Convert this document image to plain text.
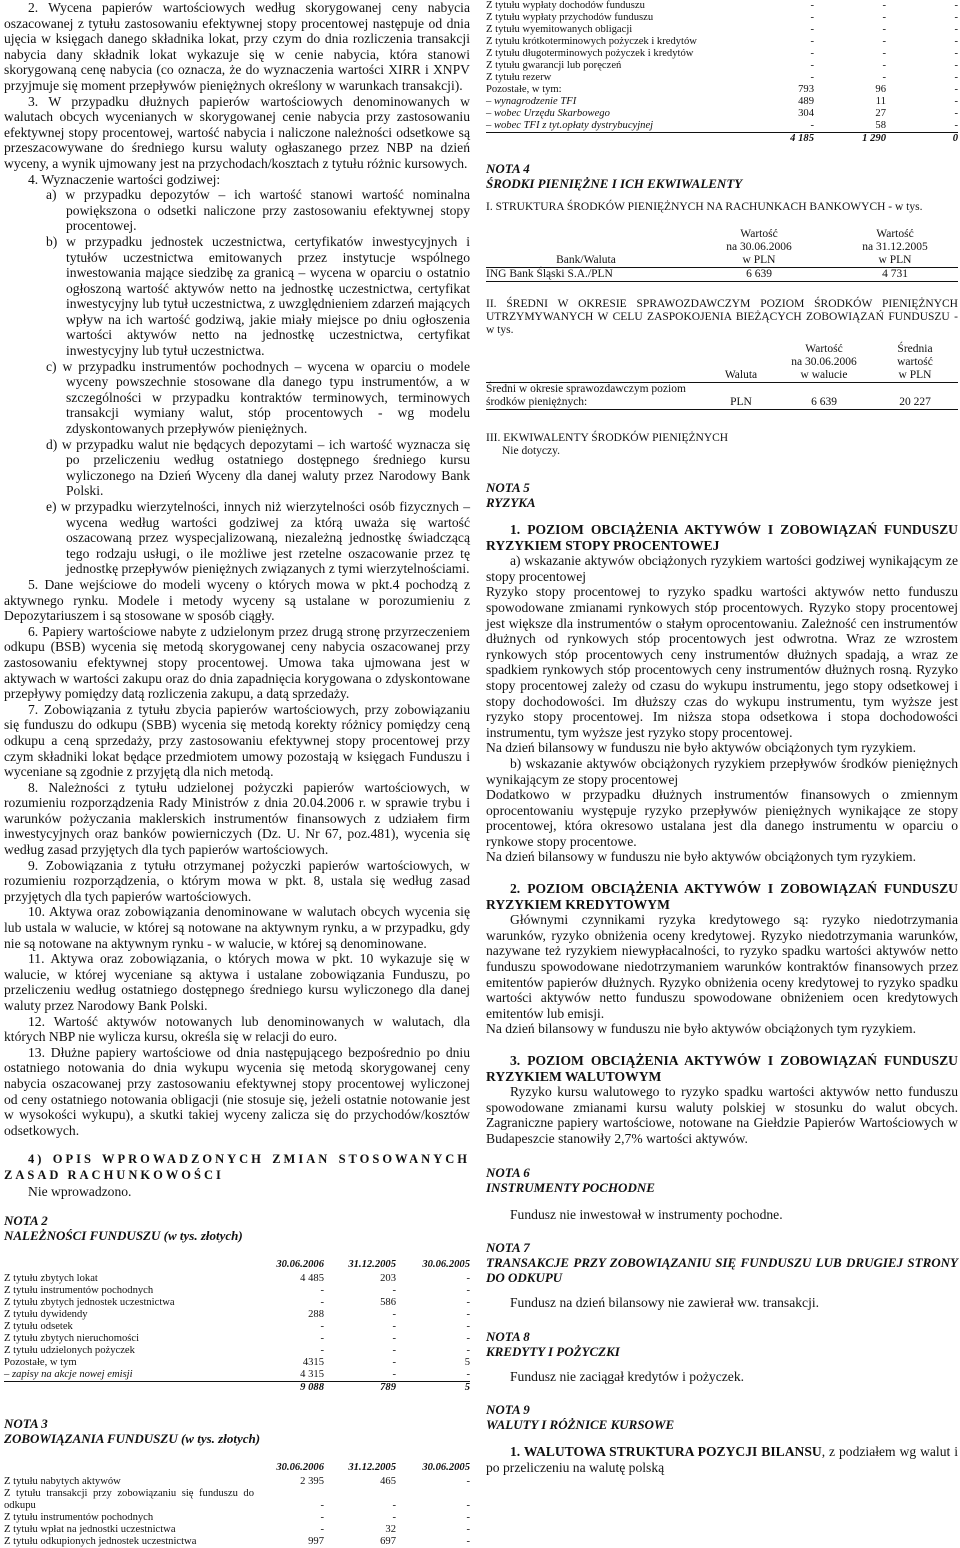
2. Wycena papierów wartościowych według skorygowanej ceny nabycia oszacowanej z tytułu zastosowaniu efektywnej stopy procentowej następuje od dnia ujęcia w księgach danego składnika lokat, przy czym do dnia rozliczenia transakcji nabycia dany składnik lokat wykazuje się w cenie nabycia, która stanowi skorygowaną cenę nabycia (co oznacza, że do wyznaczenia wartości XIRR i XNPV przyjmuje się moment przepływów pieniężnych określony w warunkach transakcji).

3. W przypadku dłużnych papierów wartościowych denominowanych w walutach obcych wycenianych w skorygowanej cenie nabycia przy zastosowaniu efektywnej stopy procentowej, wartość nabycia i naliczone należności odsetkowe są przeszacowywane do średniego kursu waluty ogłaszanego przez NBP na dzień wyceny, a wynik ujmowany jest na przychodach/kosztach z tytułu różnic kursowych.

4. Wyznaczenie wartości godziwej:

a) w przypadku depozytów – ich wartość stanowi wartość nominalna powiększona o odsetki naliczone przy zastosowaniu efektywnej stopy procentowej.

b) w przypadku jednostek uczestnictwa, certyfikatów inwestycyjnych i tytułów uczestnictwa emitowanych przez instytucje wspólnego inwestowania mające siedzibę za granicą – wycena w oparciu o ostatnio ogłoszoną wartość aktywów netto na jednostkę uczestnictwa, certyfikat inwestycyjny lub tytuł uczestnictwa, z uwzględnieniem zdarzeń mających wpływ na ich wartość godziwą, jakie miały miejsce po dniu ogłoszenia wartości aktywów netto na jednostkę uczestnictwa, certyfikat inwestycyjny lub tytuł uczestnictwa.

c) w przypadku instrumentów pochodnych – wycena w oparciu o modele wyceny powszechnie stosowane dla danego typu instrumentów, a w szczególności w przypadku kontraktów terminowych, terminowych transakcji wymiany walut, stóp procentowych - wg modelu zdyskontowanych przepływów pieniężnych.

d) w przypadku walut nie będących depozytami – ich wartość wyznacza się po przeliczeniu według ostatniego dostępnego średniego kursu wyliczonego na Dzień Wyceny dla danej waluty przez Narodowy Bank Polski.

e) w przypadku wierzytelności, innych niż wierzytelności osób fizycznych – wycena według wartości godziwej za którą uważa się wartość oszacowaną przez wyspecjalizowaną, niezależną jednostkę świadczącą tego rodzaju usługi, o ile możliwe jest rzetelne oszacowanie przez tę jednostkę przepływów pieniężnych związanych z tymi wierzytelnościami.

5. Dane wejściowe do modeli wyceny o których mowa w pkt.4 pochodzą z aktywnego rynku. Modele i metody wyceny są ustalane w porozumieniu z Depozytariuszem i są stosowane w sposób ciągły.

6. Papiery wartościowe nabyte z udzielonym przez drugą stronę przyrzeczeniem odkupu (BSB) wycenia się metodą skorygowanej ceny nabycia oszacowanej przy zastosowaniu efektywnej stopy procentowej. Umowa taka ujmowana jest w aktywach w wartości zakupu oraz do dnia zapadnięcia korygowana o zdyskontowane przepływy pomiędzy datą rozliczenia zakupu, a datą sprzedaży.

7. Zobowiązania z tytułu zbycia papierów wartościowych, przy zobowiązaniu się funduszu do odkupu (SBB) wycenia się metodą korekty różnicy pomiędzy ceną odkupu a ceną sprzedaży, przy zastosowaniu efektywnej stopy procentowej przy czym składniki lokat będące przedmiotem umowy pozostają w księgach Funduszu i wyceniane są zgodnie z przyjętą dla nich metodą.

8. Należności z tytułu udzielonej pożyczki papierów wartościowych, w rozumieniu rozporządzenia Rady Ministrów z dnia 20.04.2006 r. w sprawie trybu i warunków pożyczania maklerskich instrumentów finansowych z udziałem firm inwestycyjnych oraz banków powierniczych (Dz. U. Nr 67, poz.481), wycenia się według zasad przyjętych dla tych papierów wartościowych.

9. Zobowiązania z tytułu otrzymanej pożyczki papierów wartościowych, w rozumieniu rozporządzenia, o którym mowa w pkt. 8, ustala się według zasad przyjętych dla tych papierów wartościowych.

10. Aktywa oraz zobowiązania denominowane w walutach obcych wycenia się lub ustala w walucie, w której są notowane na aktywnym rynku, a w przypadku, gdy nie są notowane na aktywnym rynku - w walucie, w której są denominowane.

11. Aktywa oraz zobowiązania, o których mowa w pkt. 10 wykazuje się w walucie, w której wyceniane są aktywa i ustalane zobowiązania Funduszu, po przeliczeniu według ostatniego dostępnego średniego kursu wyliczonego dla danej waluty przez Narodowy Bank Polski.

12. Wartość aktywów notowanych lub denominowanych w walutach, dla których NBP nie wylicza kursu, określa się w relacji do euro.

13. Dłużne papiery wartościowe od dnia następującego bezpośrednio po dniu ostatniego notowania do dnia wykupu wycenia się metodą skorygowanej ceny nabycia oszacowanej przy zastosowaniu efektywnej stopy procentowej wyliczonej od ceny ostatniego notowania obligacji (nie stosuje się, jeżeli ostatnie notowanie jest w wysokości wykupu), a skutki takiej wyceny zalicza się do przychodów/kosztów odsetkowych.

4) OPIS WPROWADZONYCH ZMIAN STOSOWANYCH ZASAD RACHUNKOWOŚCI

Nie wprowadzono.

NOTA 2
NALEŻNOŚCI FUNDUSZU (w tys. złotych)
	30.06.2006	31.12.2005	30.06.2005
Z tytułu zbytych lokat	4 485	203	-
Z tytułu instrumentów pochodnych	-	-	-
Z tytułu zbytych jednostek uczestnictwa	-	586	-
Z tytułu dywidendy	288	-	-
Z tytułu odsetek	-	-	-
Z tytułu zbytych nieruchomości	-	-	-
Z tytułu udzielonych pożyczek	-	-	-
Pozostałe, w tym	4315	-	5
– zapisy na akcje nowej emisji	4 315	-	-
	9 088	789	5
NOTA 3
ZOBOWIĄZANIA FUNDUSZU (w tys. złotych)
	30.06.2006	31.12.2005	30.06.2005
Z tytułu nabytych aktywów	2 395	465	-
Z tytułu transakcji przy zobowiązaniu się funduszu do odkupu	-	-	-
Z tytułu instrumentów pochodnych	-	-	-
Z tytułu wpłat na jednostki uczestnictwa	-	32	-
Z tytułu odkupionych jednostek uczestnictwa	997	697	-
Z tytułu wypłaty dochodów funduszu	-	-	-
Z tytułu wypłaty przychodów funduszu	-	-	-
Z tytułu wyemitowanych obligacji	-	-	-
Z tytułu krótkoterminowych pożyczek i kredytów	-	-	-
Z tytułu długoterminowych pożyczek i kredytów	-	-	-
Z tytułu gwarancji lub poręczeń	-	-	-
Z tytułu rezerw	-	-	-
Pozostałe, w tym:	793	96	-
– wynagrodzenie TFI	489	11	-
– wobec Urzędu Skarbowego	304	27	-
– wobec TFI z tyt.opłaty dystrybucyjnej	-	58	-
	4 185	1 290	0
NOTA 4
ŚRODKI PIENIĘŻNE I ICH EKWIWALENTY

I. STRUKTURA ŚRODKÓW PIENIĘŻNYCH NA RACHUNKACH BANKOWYCH - w tys.

	Wartość	Wartość
	na 30.06.2006	na 31.12.2005
Bank/Waluta	w PLN	w PLN
ING Bank Śląski S.A./PLN	6 639	4 731

II. ŚREDNI W OKRESIE SPRAWOZDAWCZYM POZIOM ŚRODKÓW PIENIĘŻNYCH UTRZYMYWANYCH W CELU ZASPOKOJENIA BIEŻĄCYCH ZOBOWIĄZAŃ FUNDUSZU - w tys.

		Wartość	Średnia
		na 30.06.2006	wartość
	Waluta	w walucie	w PLN
Średni w okresie sprawozdawczym poziom			
środków pieniężnych:	PLN	6 639	20 227

III. EKWIWALENTY ŚRODKÓW PIENIĘŻNYCH

Nie dotyczy.

NOTA 5
RYZYKA

1. POZIOM OBCIĄŻENIA AKTYWÓW I ZOBOWIĄZAŃ FUNDUSZU RYZYKIEM STOPY PROCENTOWEJ

a) wskazanie aktywów obciążonych ryzykiem wartości godziwej wynikającym ze stopy procentowej

Ryzyko stopy procentowej to ryzyko spadku wartości aktywów netto funduszu spowodowane zmianami rynkowych stóp procentowych. Ryzyko stopy procentowej jest większe dla instrumentów o stałym oprocentowaniu. Zależność cen instrumentów dłużnych od rynkowych stóp procentowych jest odwrotna. Wraz ze wzrostem rynkowych stóp procentowych ceny instrumentów dłużnych spadają, a wraz ze spadkiem rynkowych stóp procentowych ceny instrumentów dłużnych rosną. Ryzyko stopy procentowej zależy od czasu do wykupu instrumentu, jego stopy odsetkowej i stopy dochodowości. Im dłuższy czas do wykupu instrumentu, tym wyższe jest ryzyko stopy procentowej. Im niższa stopa odsetkowa i stopa dochodowości instrumentu, tym wyższe jest ryzyko stopy procentowej.

Na dzień bilansowy w funduszu nie było aktywów obciążonych tym ryzykiem.

b) wskazanie aktywów obciążonych ryzykiem przepływów środków pieniężnych wynikającym ze stopy procentowej

Dodatkowo w przypadku dłużnych instrumentów finansowych o zmiennym oprocentowaniu występuje ryzyko przepływów pieniężnych wynikające ze stopy procentowej, która okresowo ustalana jest dla danego instrumentu w oparciu o rynkowe stopy procentowe.

Na dzień bilansowy w funduszu nie było aktywów obciążonych tym ryzykiem.

2. POZIOM OBCIĄŻENIA AKTYWÓW I ZOBOWIĄZAŃ FUNDUSZU RYZYKIEM KREDYTOWYM

Głównymi czynnikami ryzyka kredytowego są: ryzyko niedotrzymania warunków, ryzyko obniżenia oceny kredytowej. Ryzyko niedotrzymania warunków, nazywane też ryzykiem niewypłacalności, to ryzyko spadku wartości aktywów netto funduszu spowodowane niedotrzymaniem warunków kontraktów finansowych przez emitentów papierów dłużnych. Ryzyko obniżenia oceny kredytowej to ryzyko spadku wartości aktywów netto funduszu spowodowane obniżeniem ocen kredytowych emitentów lub emisji.

Na dzień bilansowy w funduszu nie było aktywów obciążonych tym ryzykiem.

3. POZIOM OBCIĄŻENIA AKTYWÓW I ZOBOWIĄZAŃ FUNDUSZU RYZYKIEM WALUTOWYM

Ryzyko kursu walutowego to ryzyko spadku wartości aktywów netto funduszu spowodowane zmianami kursu waluty polskiej w stosunku do walut obcych. Zagraniczne papiery wartościowe, notowane na Giełdzie Papierów Wartościowych w Budapeszcie stanowiły 2,7% wartości aktywów.

NOTA 6
INSTRUMENTY POCHODNE

Fundusz nie inwestował w instrumenty pochodne.

NOTA 7
TRANSAKCJE PRZY ZOBOWIĄZANIU SIĘ FUNDUSZU LUB DRUGIEJ STRONY DO ODKUPU

Fundusz na dzień bilansowy nie zawierał ww. transakcji.

NOTA 8
KREDYTY I POŻYCZKI

Fundusz nie zaciągał kredytów i pożyczek.

NOTA 9
WALUTY I RÓŻNICE KURSOWE

1. WALUTOWA STRUKTURA POZYCJI BILANSU, z podziałem wg walut i po przeliczeniu na walutę polską
